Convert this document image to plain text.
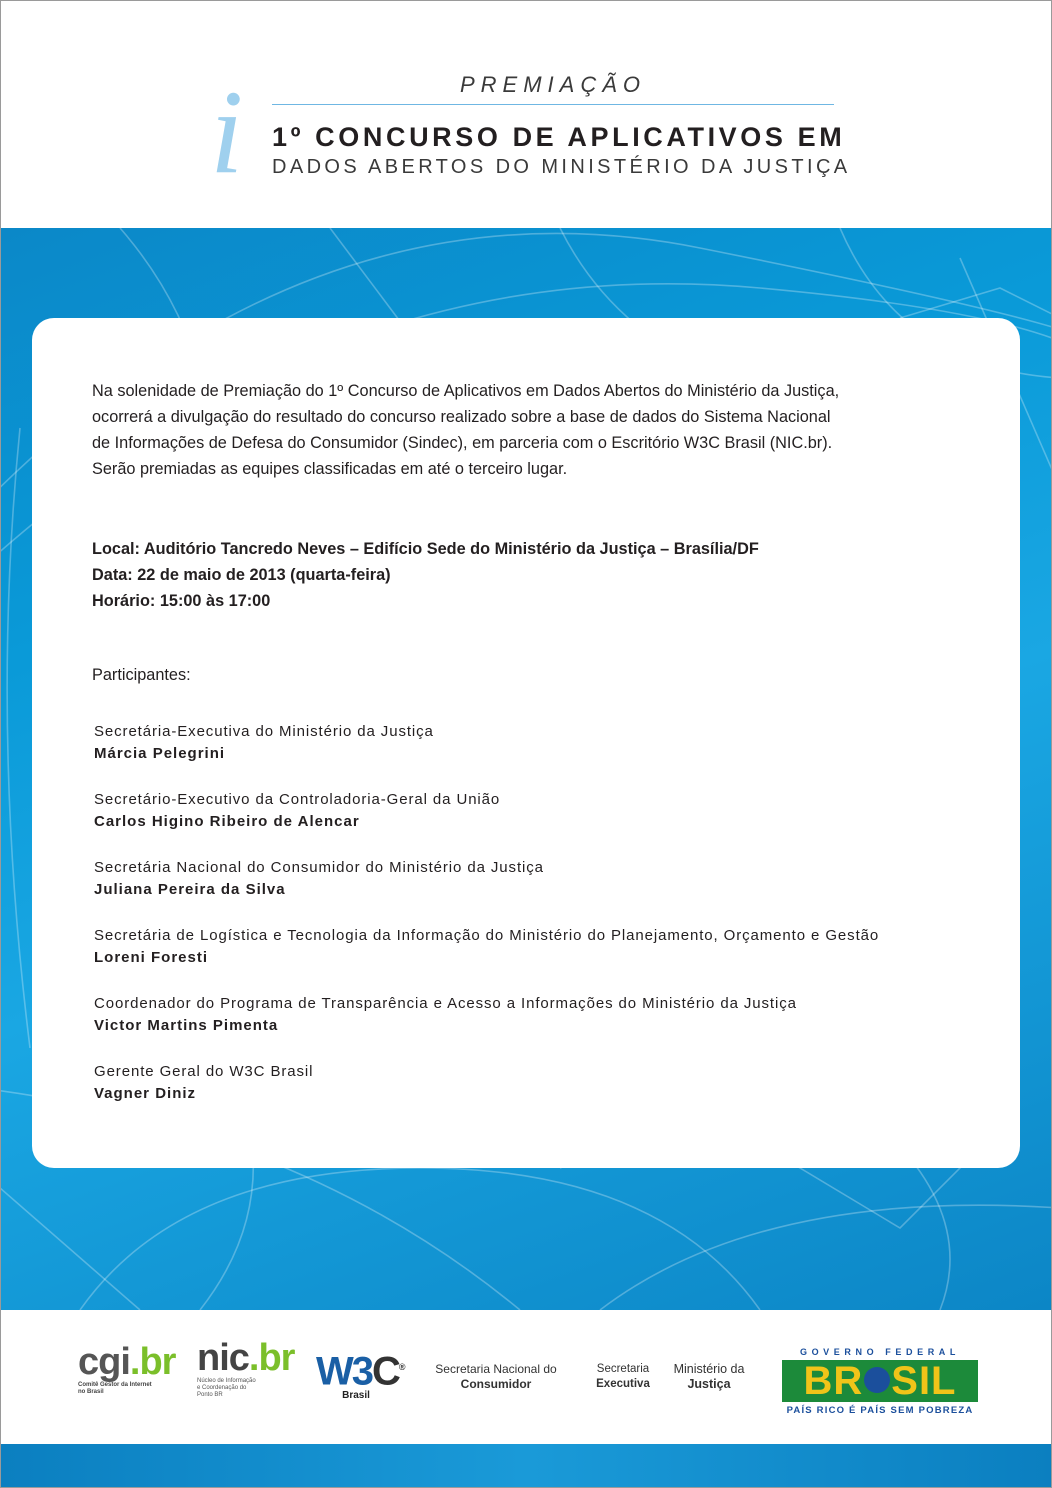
i	PREMIAÇÃO
1º CONCURSO DE APLICATIVOS EM
DADOS ABERTOS DO MINISTÉRIO DA JUSTIÇA
Na solenidade de Premiação do 1º Concurso de Aplicativos em Dados Abertos do Ministério da Justiça,
ocorrerá a divulgação do resultado do concurso realizado sobre a base de dados do Sistema Nacional
de Informações de Defesa do Consumidor (Sindec), em parceria com o Escritório W3C Brasil (NIC.br).
Serão premiadas as equipes classificadas em até o terceiro lugar.
Local: Auditório Tancredo Neves – Edifício Sede do Ministério da Justiça – Brasília/DF
Data: 22 de maio de 2013 (quarta-feira)
Horário: 15:00 às 17:00
Participantes:
Secretária-Executiva do Ministério da Justiça
Márcia Pelegrini
Secretário-Executivo da Controladoria-Geral da União
Carlos Higino Ribeiro de Alencar
Secretária Nacional do Consumidor do Ministério da Justiça
Juliana Pereira da Silva
Secretária de Logística e Tecnologia da Informação do Ministério do Planejamento, Orçamento e Gestão
Loreni Foresti
Coordenador do Programa de Transparência e Acesso a Informações do Ministério da Justiça
Victor Martins Pimenta
Gerente Geral do W3C Brasil
Vagner Diniz
cgi.br
Comitê Gestor da Internet
no Brasil
nic.br
Núcleo de Informação
e Coordenação do
Ponto BR
W3C®
Brasil
Secretaria Nacional do
Consumidor
Secretaria
Executiva
Ministério da
Justiça
GOVERNO FEDERAL
BR SIL
PAÍS RICO É PAÍS SEM POBREZA
